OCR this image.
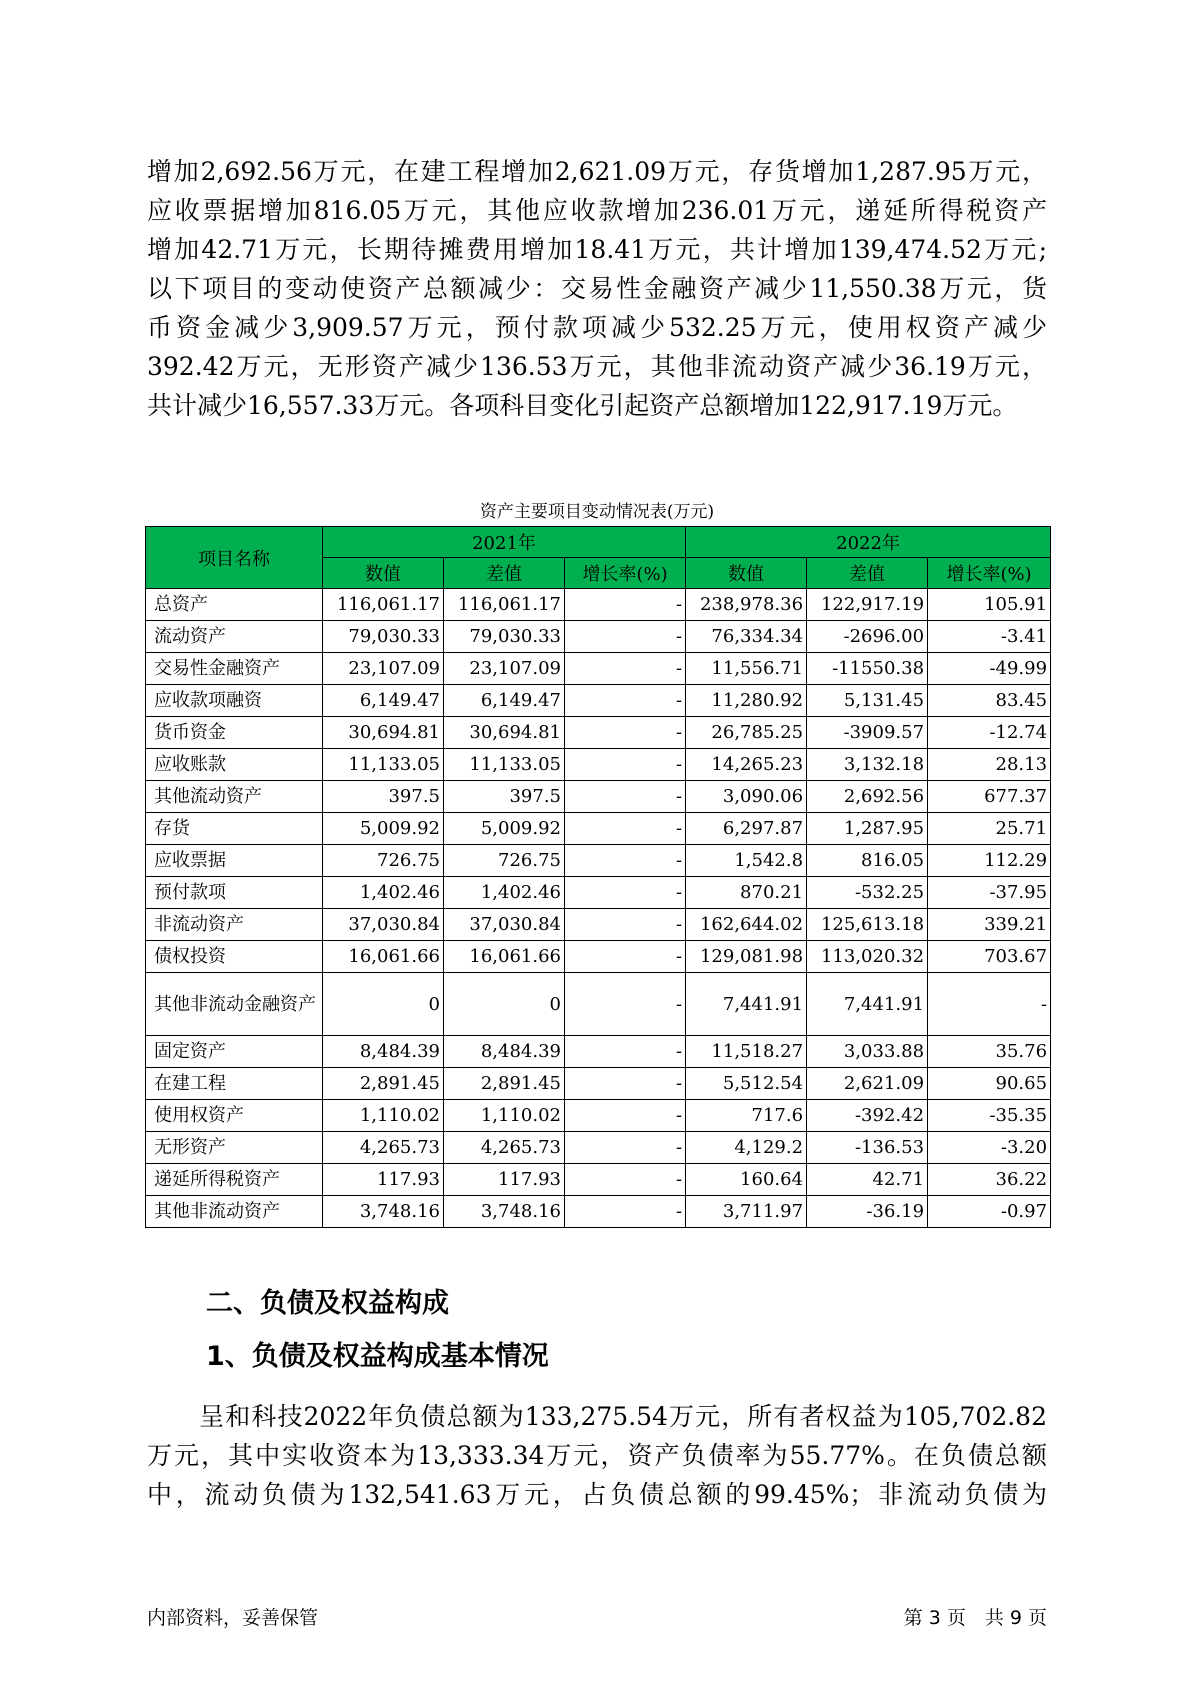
增加2,692.56万元，在建工程增加2,621.09万元，存货增加1,287.95万元，
应收票据增加816.05万元，其他应收款增加236.01万元，递延所得税资产
增加42.71万元，长期待摊费用增加18.41万元，共计增加139,474.52万元;
以下项目的变动使资产总额减少：交易性金融资产减少11,550.38万元，货
币资金减少3,909.57万元，预付款项减少532.25万元，使用权资产减少
392.42万元，无形资产减少136.53万元，其他非流动资产减少36.19万元，
共计减少16,557.33万元。各项科目变化引起资产总额增加122,917.19万元。
资产主要项目变动情况表(万元)
项目名称	2021年			2022年		
	数值	差值	增长率(%)	数值	差值	增长率(%)
总资产	116,061.17	116,061.17	-	238,978.36	122,917.19	105.91
流动资产	79,030.33	79,030.33	-	76,334.34	-2696.00	-3.41
交易性金融资产	23,107.09	23,107.09	-	11,556.71	-11550.38	-49.99
应收款项融资	6,149.47	6,149.47	-	11,280.92	5,131.45	83.45
货币资金	30,694.81	30,694.81	-	26,785.25	-3909.57	-12.74
应收账款	11,133.05	11,133.05	-	14,265.23	3,132.18	28.13
其他流动资产	397.5	397.5	-	3,090.06	2,692.56	677.37
存货	5,009.92	5,009.92	-	6,297.87	1,287.95	25.71
应收票据	726.75	726.75	-	1,542.8	816.05	112.29
预付款项	1,402.46	1,402.46	-	870.21	-532.25	-37.95
非流动资产	37,030.84	37,030.84	-	162,644.02	125,613.18	339.21
债权投资	16,061.66	16,061.66	-	129,081.98	113,020.32	703.67
其他非流动金融资产	0	0	-	7,441.91	7,441.91	-
固定资产	8,484.39	8,484.39	-	11,518.27	3,033.88	35.76
在建工程	2,891.45	2,891.45	-	5,512.54	2,621.09	90.65
使用权资产	1,110.02	1,110.02	-	717.6	-392.42	-35.35
无形资产	4,265.73	4,265.73	-	4,129.2	-136.53	-3.20
递延所得税资产	117.93	117.93	-	160.64	42.71	36.22
其他非流动资产	3,748.16	3,748.16	-	3,711.97	-36.19	-0.97
二、负债及权益构成
1、负债及权益构成基本情况
　　呈和科技2022年负债总额为133,275.54万元，所有者权益为105,702.82
万元，其中实收资本为13,333.34万元，资产负债率为55.77%。在负债总额
中，流动负债为132,541.63万元，占负债总额的99.45%；非流动负债为
内部资料，妥善保管	第 3 页　共 9 页
